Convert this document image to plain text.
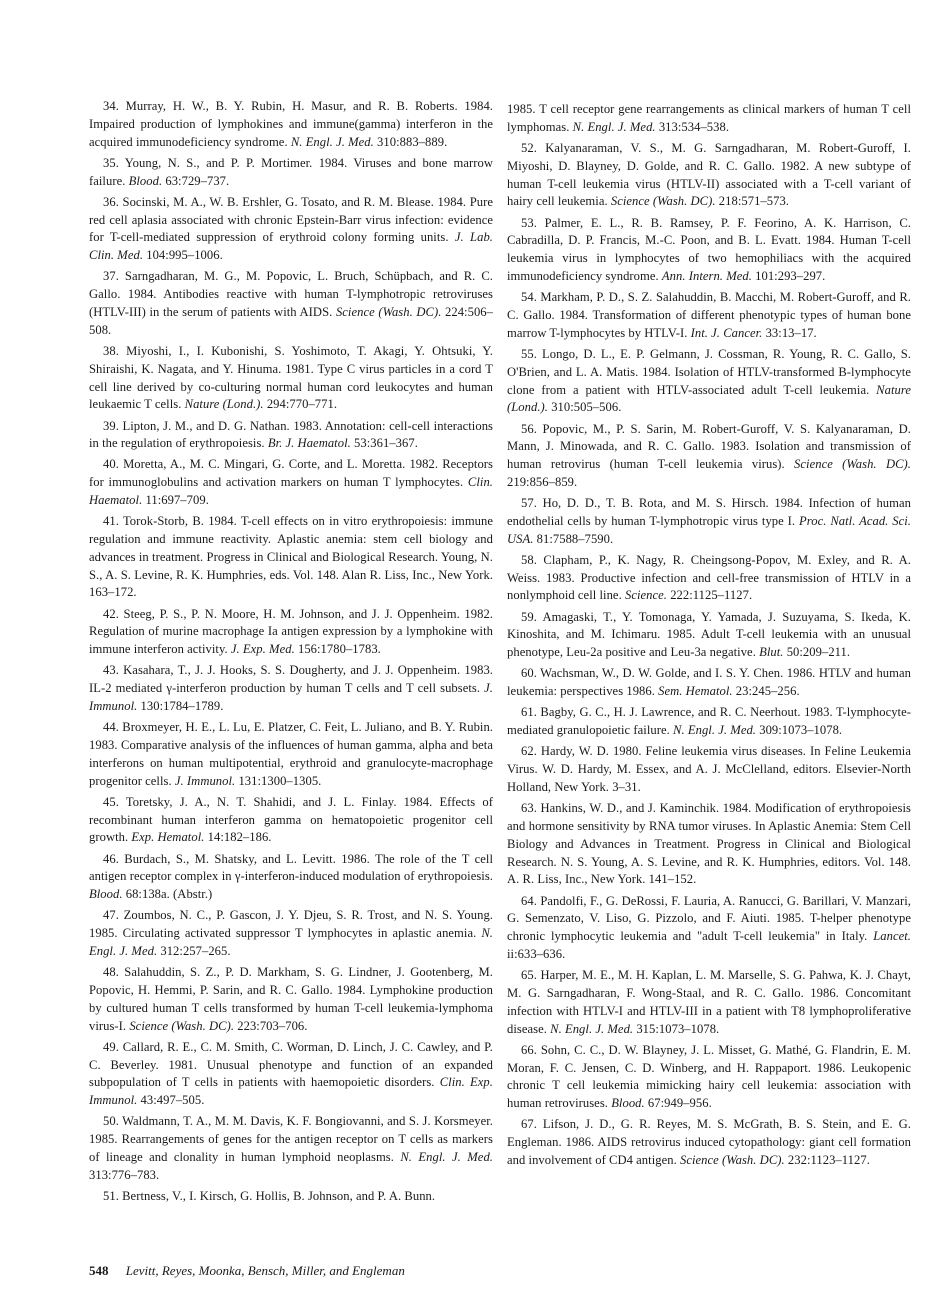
34. Murray, H. W., B. Y. Rubin, H. Masur, and R. B. Roberts. 1984. Impaired production of lymphokines and immune(gamma) interferon in the acquired immunodeficiency syndrome. N. Engl. J. Med. 310:883–889.

35. Young, N. S., and P. P. Mortimer. 1984. Viruses and bone marrow failure. Blood. 63:729–737.

36. Socinski, M. A., W. B. Ershler, G. Tosato, and R. M. Blease. 1984. Pure red cell aplasia associated with chronic Epstein-Barr virus infection: evidence for T-cell-mediated suppression of erythroid colony forming units. J. Lab. Clin. Med. 104:995–1006.

37. Sarngadharan, M. G., M. Popovic, L. Bruch, Schüpbach, and R. C. Gallo. 1984. Antibodies reactive with human T-lymphotropic retroviruses (HTLV-III) in the serum of patients with AIDS. Science (Wash. DC). 224:506–508.

38. Miyoshi, I., I. Kubonishi, S. Yoshimoto, T. Akagi, Y. Ohtsuki, Y. Shiraishi, K. Nagata, and Y. Hinuma. 1981. Type C virus particles in a cord T cell line derived by co-culturing normal human cord leukocytes and human leukaemic T cells. Nature (Lond.). 294:770–771.

39. Lipton, J. M., and D. G. Nathan. 1983. Annotation: cell-cell interactions in the regulation of erythropoiesis. Br. J. Haematol. 53:361–367.

40. Moretta, A., M. C. Mingari, G. Corte, and L. Moretta. 1982. Receptors for immunoglobulins and activation markers on human T lymphocytes. Clin. Haematol. 11:697–709.

41. Torok-Storb, B. 1984. T-cell effects on in vitro erythropoiesis: immune regulation and immune reactivity. Aplastic anemia: stem cell biology and advances in treatment. Progress in Clinical and Biological Research. Young, N. S., A. S. Levine, R. K. Humphries, eds. Vol. 148. Alan R. Liss, Inc., New York. 163–172.

42. Steeg, P. S., P. N. Moore, H. M. Johnson, and J. J. Oppenheim. 1982. Regulation of murine macrophage Ia antigen expression by a lymphokine with immune interferon activity. J. Exp. Med. 156:1780–1783.

43. Kasahara, T., J. J. Hooks, S. S. Dougherty, and J. J. Oppenheim. 1983. IL-2 mediated γ-interferon production by human T cells and T cell subsets. J. Immunol. 130:1784–1789.

44. Broxmeyer, H. E., L. Lu, E. Platzer, C. Feit, L. Juliano, and B. Y. Rubin. 1983. Comparative analysis of the influences of human gamma, alpha and beta interferons on human multipotential, erythroid and granulocyte-macrophage progenitor cells. J. Immunol. 131:1300–1305.

45. Toretsky, J. A., N. T. Shahidi, and J. L. Finlay. 1984. Effects of recombinant human interferon gamma on hematopoietic progenitor cell growth. Exp. Hematol. 14:182–186.

46. Burdach, S., M. Shatsky, and L. Levitt. 1986. The role of the T cell antigen receptor complex in γ-interferon-induced modulation of erythropoiesis. Blood. 68:138a. (Abstr.)

47. Zoumbos, N. C., P. Gascon, J. Y. Djeu, S. R. Trost, and N. S. Young. 1985. Circulating activated suppressor T lymphocytes in aplastic anemia. N. Engl. J. Med. 312:257–265.

48. Salahuddin, S. Z., P. D. Markham, S. G. Lindner, J. Gootenberg, M. Popovic, H. Hemmi, P. Sarin, and R. C. Gallo. 1984. Lymphokine production by cultured human T cells transformed by human T-cell leukemia-lymphoma virus-I. Science (Wash. DC). 223:703–706.

49. Callard, R. E., C. M. Smith, C. Worman, D. Linch, J. C. Cawley, and P. C. Beverley. 1981. Unusual phenotype and function of an expanded subpopulation of T cells in patients with haemopoietic disorders. Clin. Exp. Immunol. 43:497–505.

50. Waldmann, T. A., M. M. Davis, K. F. Bongiovanni, and S. J. Korsmeyer. 1985. Rearrangements of genes for the antigen receptor on T cells as markers of lineage and clonality in human lymphoid neoplasms. N. Engl. J. Med. 313:776–783.

51. Bertness, V., I. Kirsch, G. Hollis, B. Johnson, and P. A. Bunn.

1985. T cell receptor gene rearrangements as clinical markers of human T cell lymphomas. N. Engl. J. Med. 313:534–538.

52. Kalyanaraman, V. S., M. G. Sarngadharan, M. Robert-Guroff, I. Miyoshi, D. Blayney, D. Golde, and R. C. Gallo. 1982. A new subtype of human T-cell leukemia virus (HTLV-II) associated with a T-cell variant of hairy cell leukemia. Science (Wash. DC). 218:571–573.

53. Palmer, E. L., R. B. Ramsey, P. F. Feorino, A. K. Harrison, C. Cabradilla, D. P. Francis, M.-C. Poon, and B. L. Evatt. 1984. Human T-cell leukemia virus in lymphocytes of two hemophiliacs with the acquired immunodeficiency syndrome. Ann. Intern. Med. 101:293–297.

54. Markham, P. D., S. Z. Salahuddin, B. Macchi, M. Robert-Guroff, and R. C. Gallo. 1984. Transformation of different phenotypic types of human bone marrow T-lymphocytes by HTLV-I. Int. J. Cancer. 33:13–17.

55. Longo, D. L., E. P. Gelmann, J. Cossman, R. Young, R. C. Gallo, S. O'Brien, and L. A. Matis. 1984. Isolation of HTLV-transformed B-lymphocyte clone from a patient with HTLV-associated adult T-cell leukemia. Nature (Lond.). 310:505–506.

56. Popovic, M., P. S. Sarin, M. Robert-Guroff, V. S. Kalyanaraman, D. Mann, J. Minowada, and R. C. Gallo. 1983. Isolation and transmission of human retrovirus (human T-cell leukemia virus). Science (Wash. DC). 219:856–859.

57. Ho, D. D., T. B. Rota, and M. S. Hirsch. 1984. Infection of human endothelial cells by human T-lymphotropic virus type I. Proc. Natl. Acad. Sci. USA. 81:7588–7590.

58. Clapham, P., K. Nagy, R. Cheingsong-Popov, M. Exley, and R. A. Weiss. 1983. Productive infection and cell-free transmission of HTLV in a nonlymphoid cell line. Science. 222:1125–1127.

59. Amagaski, T., Y. Tomonaga, Y. Yamada, J. Suzuyama, S. Ikeda, K. Kinoshita, and M. Ichimaru. 1985. Adult T-cell leukemia with an unusual phenotype, Leu-2a positive and Leu-3a negative. Blut. 50:209–211.

60. Wachsman, W., D. W. Golde, and I. S. Y. Chen. 1986. HTLV and human leukemia: perspectives 1986. Sem. Hematol. 23:245–256.

61. Bagby, G. C., H. J. Lawrence, and R. C. Neerhout. 1983. T-lymphocyte-mediated granulopoietic failure. N. Engl. J. Med. 309:1073–1078.

62. Hardy, W. D. 1980. Feline leukemia virus diseases. In Feline Leukemia Virus. W. D. Hardy, M. Essex, and A. J. McClelland, editors. Elsevier-North Holland, New York. 3–31.

63. Hankins, W. D., and J. Kaminchik. 1984. Modification of erythropoiesis and hormone sensitivity by RNA tumor viruses. In Aplastic Anemia: Stem Cell Biology and Advances in Treatment. Progress in Clinical and Biological Research. N. S. Young, A. S. Levine, and R. K. Humphries, editors. Vol. 148. A. R. Liss, Inc., New York. 141–152.

64. Pandolfi, F., G. DeRossi, F. Lauria, A. Ranucci, G. Barillari, V. Manzari, G. Semenzato, V. Liso, G. Pizzolo, and F. Aiuti. 1985. T-helper phenotype chronic lymphocytic leukemia and "adult T-cell leukemia" in Italy. Lancet. ii:633–636.

65. Harper, M. E., M. H. Kaplan, L. M. Marselle, S. G. Pahwa, K. J. Chayt, M. G. Sarngadharan, F. Wong-Staal, and R. C. Gallo. 1986. Concomitant infection with HTLV-I and HTLV-III in a patient with T8 lymphoproliferative disease. N. Engl. J. Med. 315:1073–1078.

66. Sohn, C. C., D. W. Blayney, J. L. Misset, G. Mathé, G. Flandrin, E. M. Moran, F. C. Jensen, C. D. Winberg, and H. Rappaport. 1986. Leukopenic chronic T cell leukemia mimicking hairy cell leukemia: association with human retroviruses. Blood. 67:949–956.

67. Lifson, J. D., G. R. Reyes, M. S. McGrath, B. S. Stein, and E. G. Engleman. 1986. AIDS retrovirus induced cytopathology: giant cell formation and involvement of CD4 antigen. Science (Wash. DC). 232:1123–1127.

548 Levitt, Reyes, Moonka, Bensch, Miller, and Engleman
